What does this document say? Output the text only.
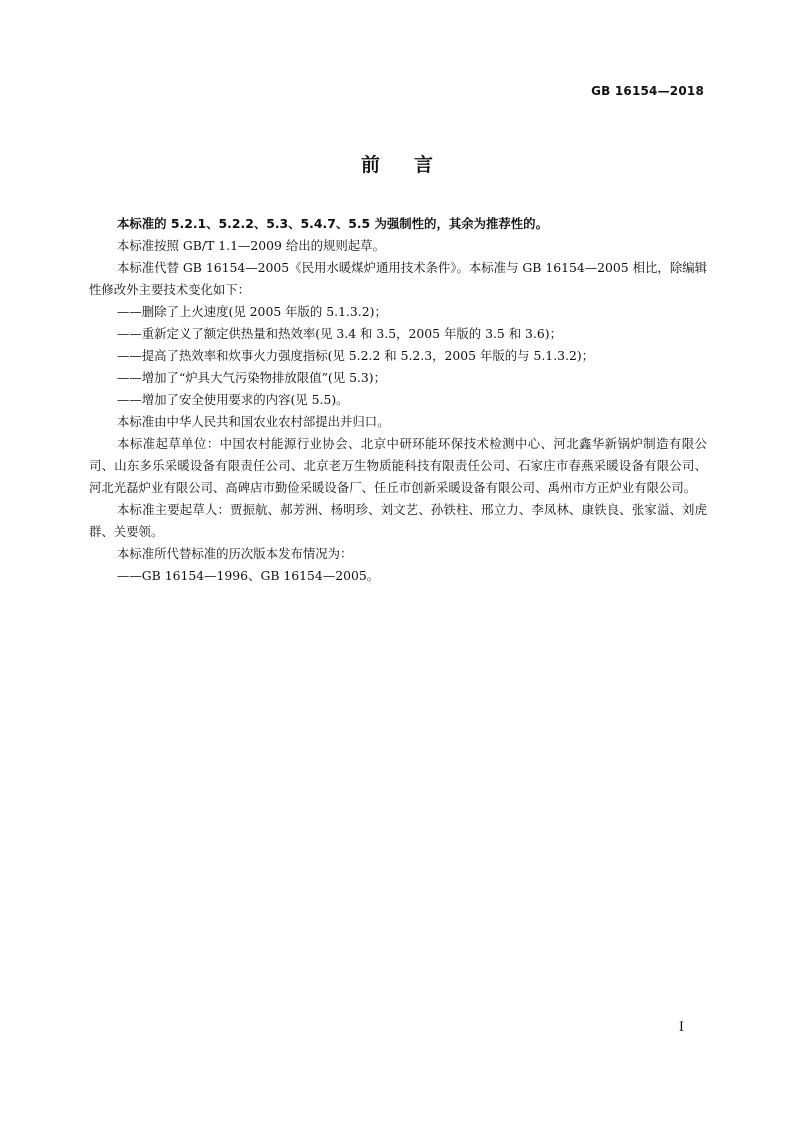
GB 16154—2018
前言

本标准的 5.2.1、5.2.2、5.3、5.4.7、5.5 为强制性的，其余为推荐性的。

本标准按照 GB/T 1.1—2009 给出的规则起草。

本标准代替 GB 16154—2005《民用水暖煤炉通用技术条件》。本标准与 GB 16154—2005 相比，除编辑性修改外主要技术变化如下：

——删除了上火速度(见 2005 年版的 5.1.3.2)；

——重新定义了额定供热量和热效率(见 3.4 和 3.5，2005 年版的 3.5 和 3.6)；

——提高了热效率和炊事火力强度指标(见 5.2.2 和 5.2.3，2005 年版的与 5.1.3.2)；

——增加了“炉具大气污染物排放限值”(见 5.3)；

——增加了安全使用要求的内容(见 5.5)。

本标准由中华人民共和国农业农村部提出并归口。

本标准起草单位：中国农村能源行业协会、北京中研环能环保技术检测中心、河北鑫华新锅炉制造有限公司、山东多乐采暖设备有限责任公司、北京老万生物质能科技有限责任公司、石家庄市春燕采暖设备有限公司、河北光磊炉业有限公司、高碑店市勤俭采暖设备厂、任丘市创新采暖设备有限公司、禹州市方正炉业有限公司。

本标准主要起草人：贾振航、郝芳洲、杨明珍、刘文艺、孙铁柱、邢立力、李凤林、康铁良、张家溢、刘虎群、关要领。

本标准所代替标准的历次版本发布情况为：

——GB 16154—1996、GB 16154—2005。

I
